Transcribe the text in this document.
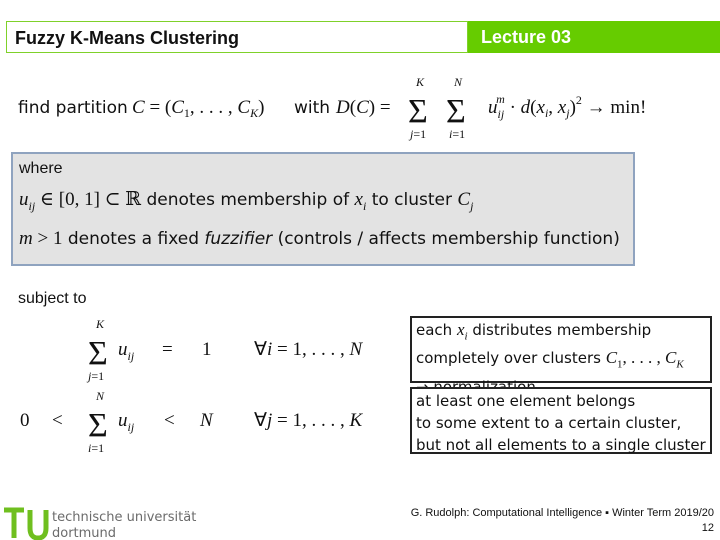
Fuzzy K-Means Clustering	Lecture 03
find partition $C = (C_1$, . . . , $C_K$) with D(C) =
K
Σ
j=1
N
Σ
i=1
$u_{ij}m \cdot d(x_i$, $x_j)^2 \to \min$!
where
$u_{ij}$ ∈ [0, 1] ⊂ ℝ denotes membership of $x_i$ to cluster $C_j$
m > 1 denotes a fixed fuzzifier (controls / affects membership function)
subject to
K
Σ
j=1
$u_{ij} = 1$ ∀i = 1, . . . , N
0 <
N
Σ
i=1
$u_{ij} < N$ ∀j = 1, . . . , K
each $x_i$ distributes membership
completely over clusters $C_1$, . . . , $C_K$
at least one element belongs
to some extent to a certain cluster,
but not all elements to a single cluster
technische universität
dortmund
G. Rudolph: Computational Intelligence ▪ Winter Term 2019/20
12
